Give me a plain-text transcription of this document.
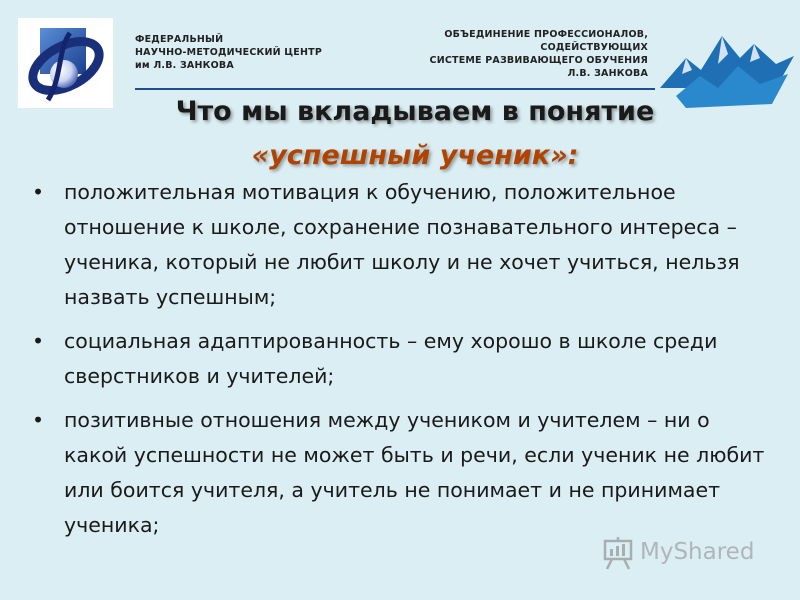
ФЕДЕРАЛЬНЫЙ
НАУЧНО-МЕТОДИЧЕСКИЙ ЦЕНТР
им Л.В. ЗАНКОВА
ОБЪЕДИНЕНИЕ ПРОФЕССИОНАЛОВ,
СОДЕЙСТВУЮЩИХ
СИСТЕМЕ РАЗВИВАЮЩЕГО ОБУЧЕНИЯ
Л.В. ЗАНКОВА
Что мы вкладываем в понятие
«успешный ученик»:
• положительная мотивация к обучению, положительное отношение к школе, сохранение познавательного интереса – ученика, который не любит школу и не хочет учиться, нельзя назвать успешным;
• социальная адаптированность – ему хорошо в школе среди сверстников и учителей;
• позитивные отношения между учеником и учителем – ни о какой успешности не может быть и речи, если ученик не любит или боится учителя, а учитель не понимает и не принимает ученика;
MyShared
